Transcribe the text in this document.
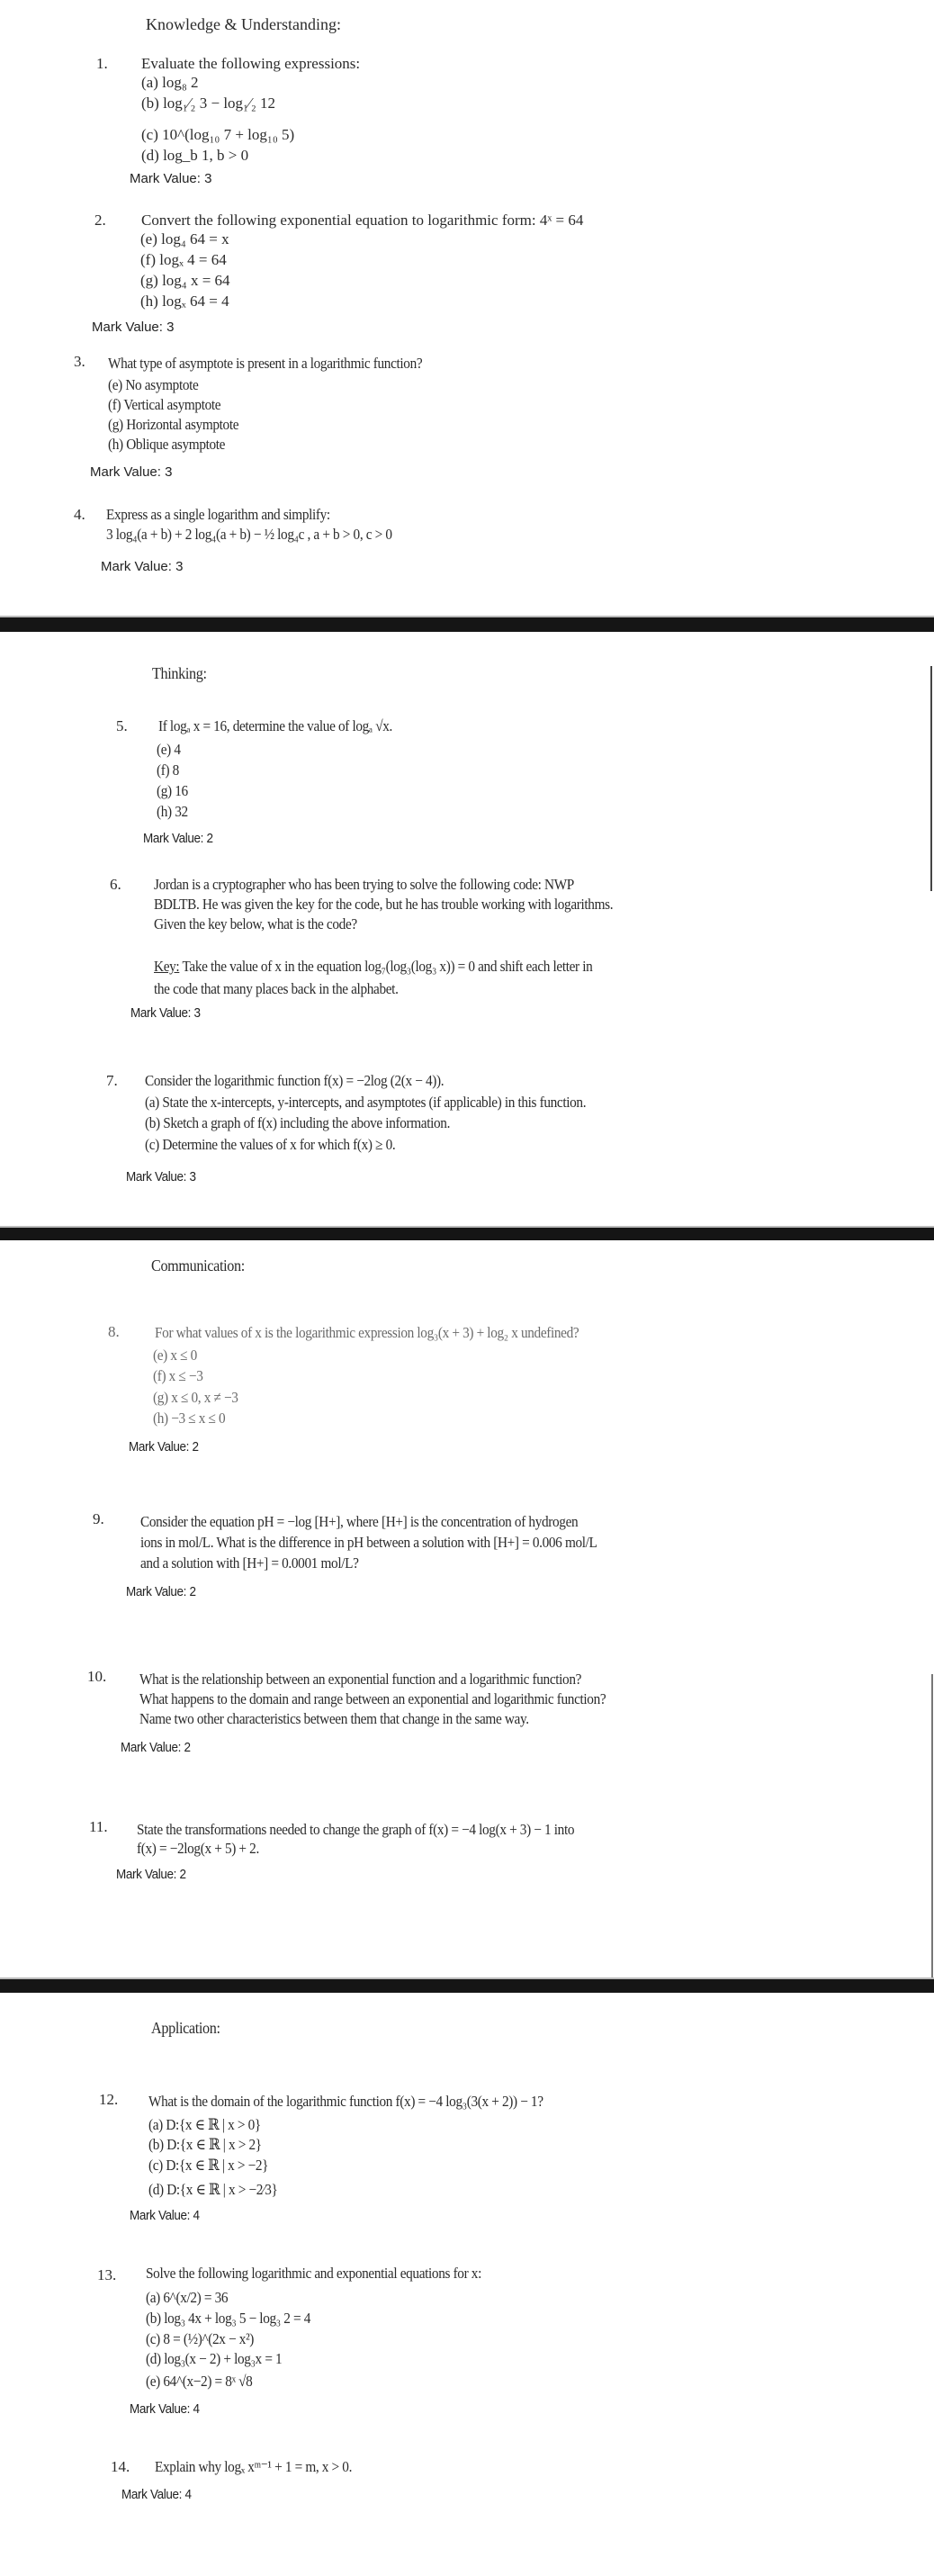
Knowledge & Understanding:
1. Evaluate the following expressions:
(a) log₈ 2
(b) log₁⁄₂ 3 − log₁⁄₂ 12
(c) 10^(log₁₀ 7 + log₁₀ 5)
(d) log_b 1, b > 0
Mark Value: 3
2. Convert the following exponential equation to logarithmic form: 4ˣ = 64
(e) log₄ 64 = x
(f) logₓ 4 = 64
(g) log₄ x = 64
(h) logₓ 64 = 4
Mark Value: 3
3. What type of asymptote is present in a logarithmic function?
(e) No asymptote
(f) Vertical asymptote
(g) Horizontal asymptote
(h) Oblique asymptote
Mark Value: 3
4. Express as a single logarithm and simplify:
3 log₄(a + b) + 2 log₄(a + b) − ½ log₄c , a + b > 0, c > 0
Mark Value: 3
Thinking:
5. If logₐ x = 16, determine the value of logₐ √x.
(e) 4
(f) 8
(g) 16
(h) 32
Mark Value: 2
6. Jordan is a cryptographer who has been trying to solve the following code: NWP
BDLTB. He was given the key for the code, but he has trouble working with logarithms.
Given the key below, what is the code?
Key: Take the value of x in the equation log₇(log₃(log₃ x)) = 0 and shift each letter in
the code that many places back in the alphabet.
Mark Value: 3
7. Consider the logarithmic function f(x) = −2log (2(x − 4)).
(a) State the x-intercepts, y-intercepts, and asymptotes (if applicable) in this function.
(b) Sketch a graph of f(x) including the above information.
(c) Determine the values of x for which f(x) ≥ 0.
Mark Value: 3
Communication:
8. For what values of x is the logarithmic expression log₃(x + 3) + log₂ x undefined?
(e) x ≤ 0
(f) x ≤ −3
(g) x ≤ 0, x ≠ −3
(h) −3 ≤ x ≤ 0
Mark Value: 2
9. Consider the equation pH = −log [H+], where [H+] is the concentration of hydrogen
ions in mol/L. What is the difference in pH between a solution with [H+] = 0.006 mol/L
and a solution with [H+] = 0.0001 mol/L?
Mark Value: 2
10. What is the relationship between an exponential function and a logarithmic function?
What happens to the domain and range between an exponential and logarithmic function?
Name two other characteristics between them that change in the same way.
Mark Value: 2
11. State the transformations needed to change the graph of f(x) = −4 log(x + 3) − 1 into
f(x) = −2log(x + 5) + 2.
Mark Value: 2
Application:
12. What is the domain of the logarithmic function f(x) = −4 log₃(3(x + 2)) − 1?
(a) D:{x ∈ ℝ | x > 0}
(b) D:{x ∈ ℝ | x > 2}
(c) D:{x ∈ ℝ | x > −2}
(d) D:{x ∈ ℝ | x > −2⁄3}
Mark Value: 4
13. Solve the following logarithmic and exponential equations for x:
(a) 6^(x/2) = 36
(b) log₃ 4x + log₃ 5 − log₃ 2 = 4
(c) 8 = (½)^(2x − x²)
(d) log₃(x − 2) + log₃x = 1
(e) 64^(x−2) = 8ˣ √8
Mark Value: 4
14. Explain why logₓ xᵐ⁻¹ + 1 = m, x > 0.
Mark Value: 4
